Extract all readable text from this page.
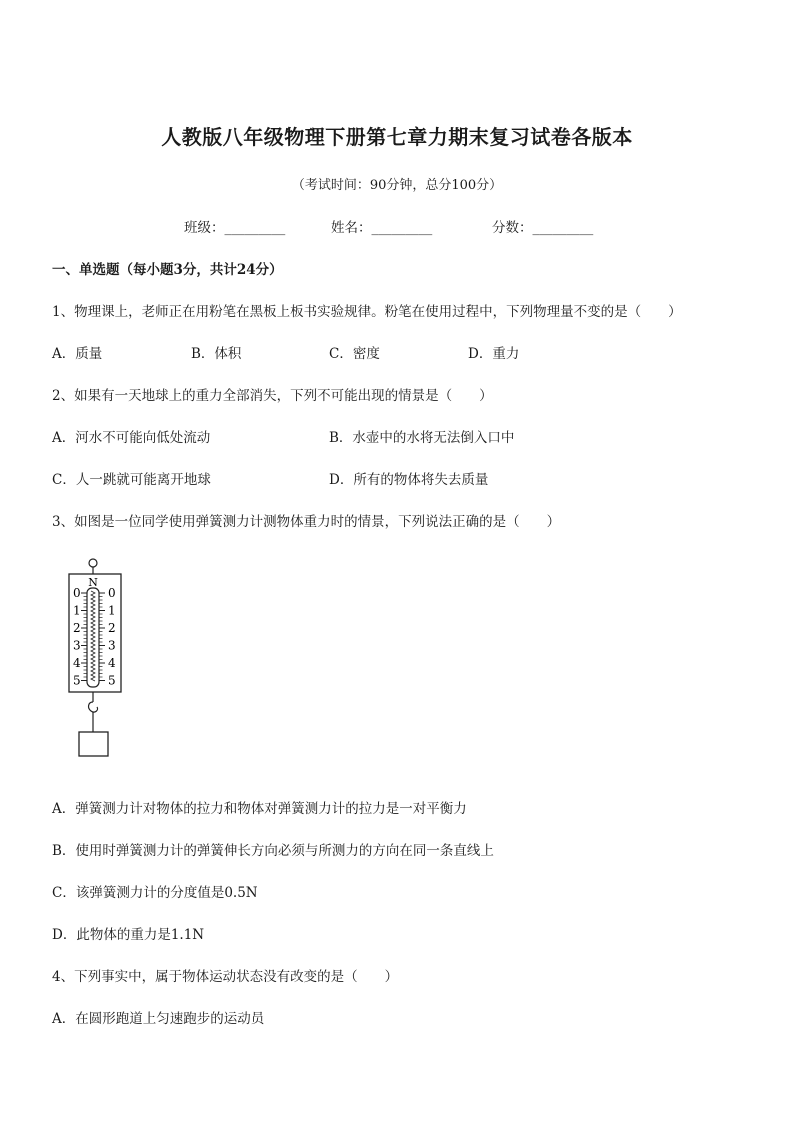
人教版八年级物理下册第七章力期末复习试卷各版本
（考试时间：90分钟，总分100分）
班级：_________	姓名：_________	分数：_________
一、单选题（每小题3分，共计24分）
1、物理课上，老师正在用粉笔在黑板上板书实验规律。粉笔在使用过程中，下列物理量不变的是（　　）
A．质量	B．体积	C．密度	D．重力
2、如果有一天地球上的重力全部消失，下列不可能出现的情景是（　　）
A．河水不可能向低处流动	B．水壶中的水将无法倒入口中
C．人一跳就可能离开地球	D．所有的物体将失去质量
3、如图是一位同学使用弹簧测力计测物体重力时的情景，下列说法正确的是（　　）
N
0
1
2
3
4
5
0
1
2
3
4
5
A．弹簧测力计对物体的拉力和物体对弹簧测力计的拉力是一对平衡力
B．使用时弹簧测力计的弹簧伸长方向必须与所测力的方向在同一条直线上
C．该弹簧测力计的分度值是0.5N
D．此物体的重力是1.1N
4、下列事实中，属于物体运动状态没有改变的是（　　）
A．在圆形跑道上匀速跑步的运动员
